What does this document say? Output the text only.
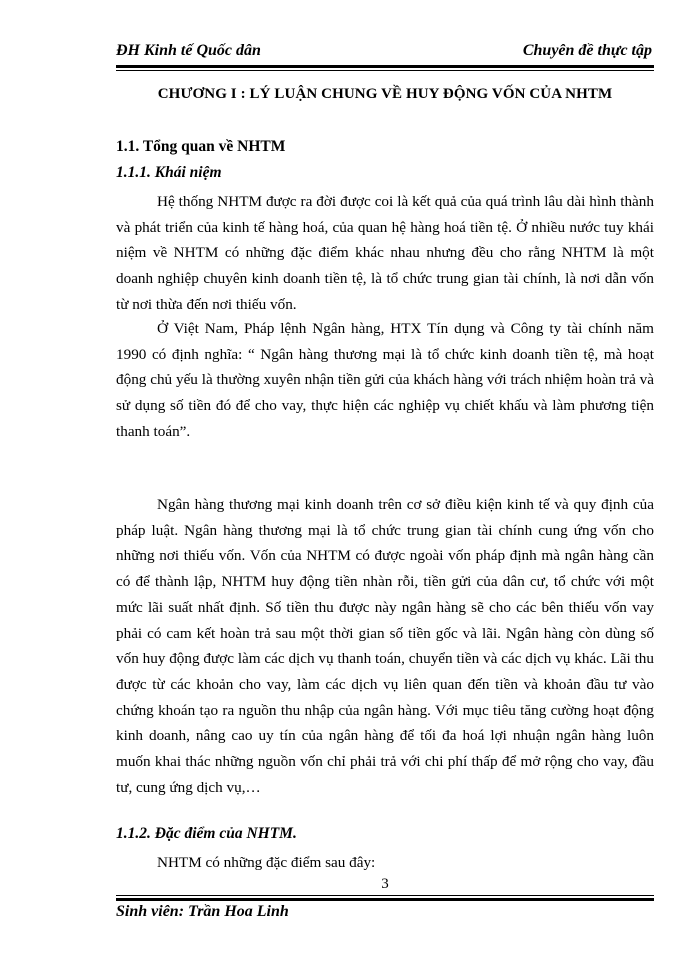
ĐH Kinh tế Quốc dân	Chuyên đề thực tập
CHƯƠNG I : LÝ LUẬN CHUNG VỀ HUY ĐỘNG VỐN CỦA NHTM
1.1. Tổng quan về NHTM
1.1.1. Khái niệm

Hệ thống NHTM được ra đời được coi là kết quả của quá trình lâu dài hình thành và phát triển của kinh tế hàng hoá, của quan hệ hàng hoá tiền tệ. Ở nhiều nước tuy khái niệm về NHTM có những đặc điểm khác nhau nhưng đều cho rằng NHTM là một doanh nghiệp chuyên kinh doanh tiền tệ, là tổ chức trung gian tài chính, là nơi dẫn vốn từ nơi thừa đến nơi thiếu vốn.

Ở Việt Nam, Pháp lệnh Ngân hàng, HTX Tín dụng và Công ty tài chính năm 1990 có định nghĩa: “ Ngân hàng thương mại là tổ chức kinh doanh tiền tệ, mà hoạt động chủ yếu là thường xuyên nhận tiền gửi của khách hàng với trách nhiệm hoàn trả và sử dụng số tiền đó để cho vay, thực hiện các nghiệp vụ chiết khấu và làm phương tiện thanh toán”.

Ngân hàng thương mại kinh doanh trên cơ sở điều kiện kinh tế và quy định của pháp luật. Ngân hàng thương mại là tổ chức trung gian tài chính cung ứng vốn cho những nơi thiếu vốn. Vốn của NHTM có được ngoài vốn pháp định mà ngân hàng cần có để thành lập, NHTM huy động tiền nhàn rỗi, tiền gửi của dân cư, tổ chức với một mức lãi suất nhất định. Số tiền thu được này ngân hàng sẽ cho các bên thiếu vốn vay phải có cam kết hoàn trả sau một thời gian số tiền gốc và lãi. Ngân hàng còn dùng số vốn huy động được làm các dịch vụ thanh toán, chuyển tiền và các dịch vụ khác. Lãi thu được từ các khoản cho vay, làm các dịch vụ liên quan đến tiền và khoản đầu tư vào chứng khoán tạo ra nguồn thu nhập của ngân hàng. Với mục tiêu tăng cường hoạt động kinh doanh, nâng cao uy tín của ngân hàng để tối đa hoá lợi nhuận ngân hàng luôn muốn khai thác những nguồn vốn chỉ phải trả với chi phí thấp để mở rộng cho vay, đầu tư, cung ứng dịch vụ,…

1.1.2. Đặc điểm của NHTM.

NHTM có những đặc điểm sau đây:

3
Sinh viên: Trần Hoa Linh
